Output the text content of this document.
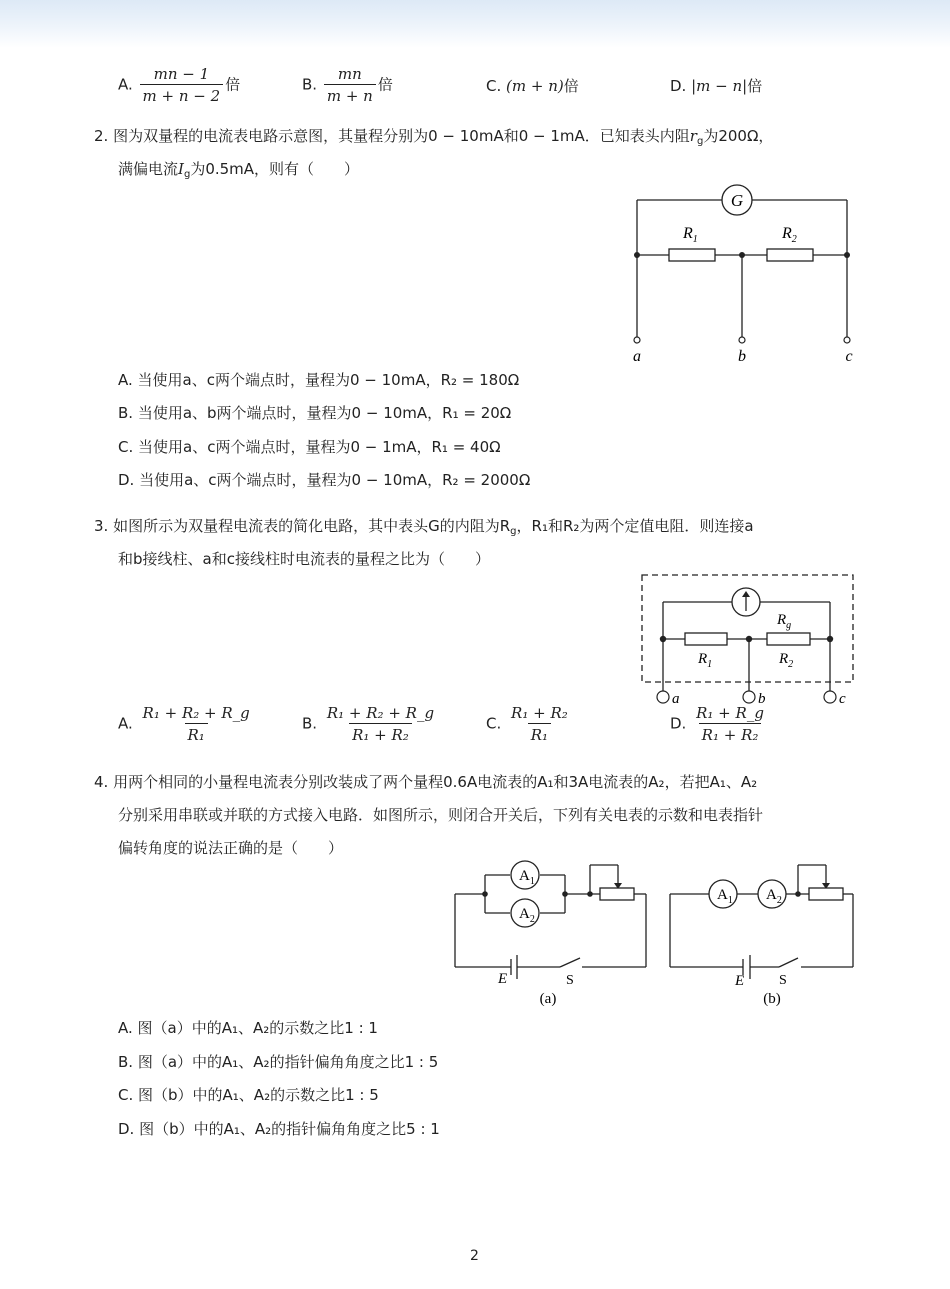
A. $\frac{mn - 1}{m + n - 2}$ 倍	B. $\frac{mn}{m + n}$ 倍	C. (m + n)倍	D. |m − n|倍
2. 图为双量程的电流表电路示意图，其量程分别为0 − 10mA和0 − 1mA．已知表头内阻$r_g$为200Ω，
满偏电流$I_g$为0.5mA，则有（　　）
G
$R_1$	$R_2$
a	b	c
A. 当使用a、c两个端点时，量程为0 − 10mA，R₂ = 180Ω
B. 当使用a、b两个端点时，量程为0 − 10mA，R₁ = 20Ω
C. 当使用a、c两个端点时，量程为0 − 1mA，R₁ = 40Ω
D. 当使用a、c两个端点时，量程为0 − 10mA，R₂ = 2000Ω
3. 如图所示为双量程电流表的简化电路，其中表头G的内阻为$R_g$，R₁和R₂为两个定值电阻．则连接a
和b接线柱、a和c接线柱时电流表的量程之比为（　　）
$R_g$
$R_1$	$R_2$
a	b	c
A. $\frac{\text{R₁ + R₂ + R\_g}}{\text{R₁}}$	B. $\frac{\text{R₁ + R₂ + R\_g}}{\text{R₁ + R₂}}$	C. $\frac{\text{R₁ + R₂}}{\text{R₁}}$	D. $\frac{\text{R₁ + R\_g}}{\text{R₁ + R₂}}$
4. 用两个相同的小量程电流表分别改装成了两个量程0.6A电流表的A₁和3A电流表的A₂，若把A₁、A₂
分别采用串联或并联的方式接入电路．如图所示，则闭合开关后，下列有关电表的示数和电表指针
偏转角度的说法正确的是（　　）
$A_1$
$A_2$
E	S
(a)
$A_1$ $A_2$
E S
(b)
A. 图（a）中的A₁、A₂的示数之比1 : 1
B. 图（a）中的A₁、A₂的指针偏角角度之比1 : 5
C. 图（b）中的A₁、A₂的示数之比1 : 5
D. 图（b）中的A₁、A₂的指针偏角角度之比5 : 1
2
